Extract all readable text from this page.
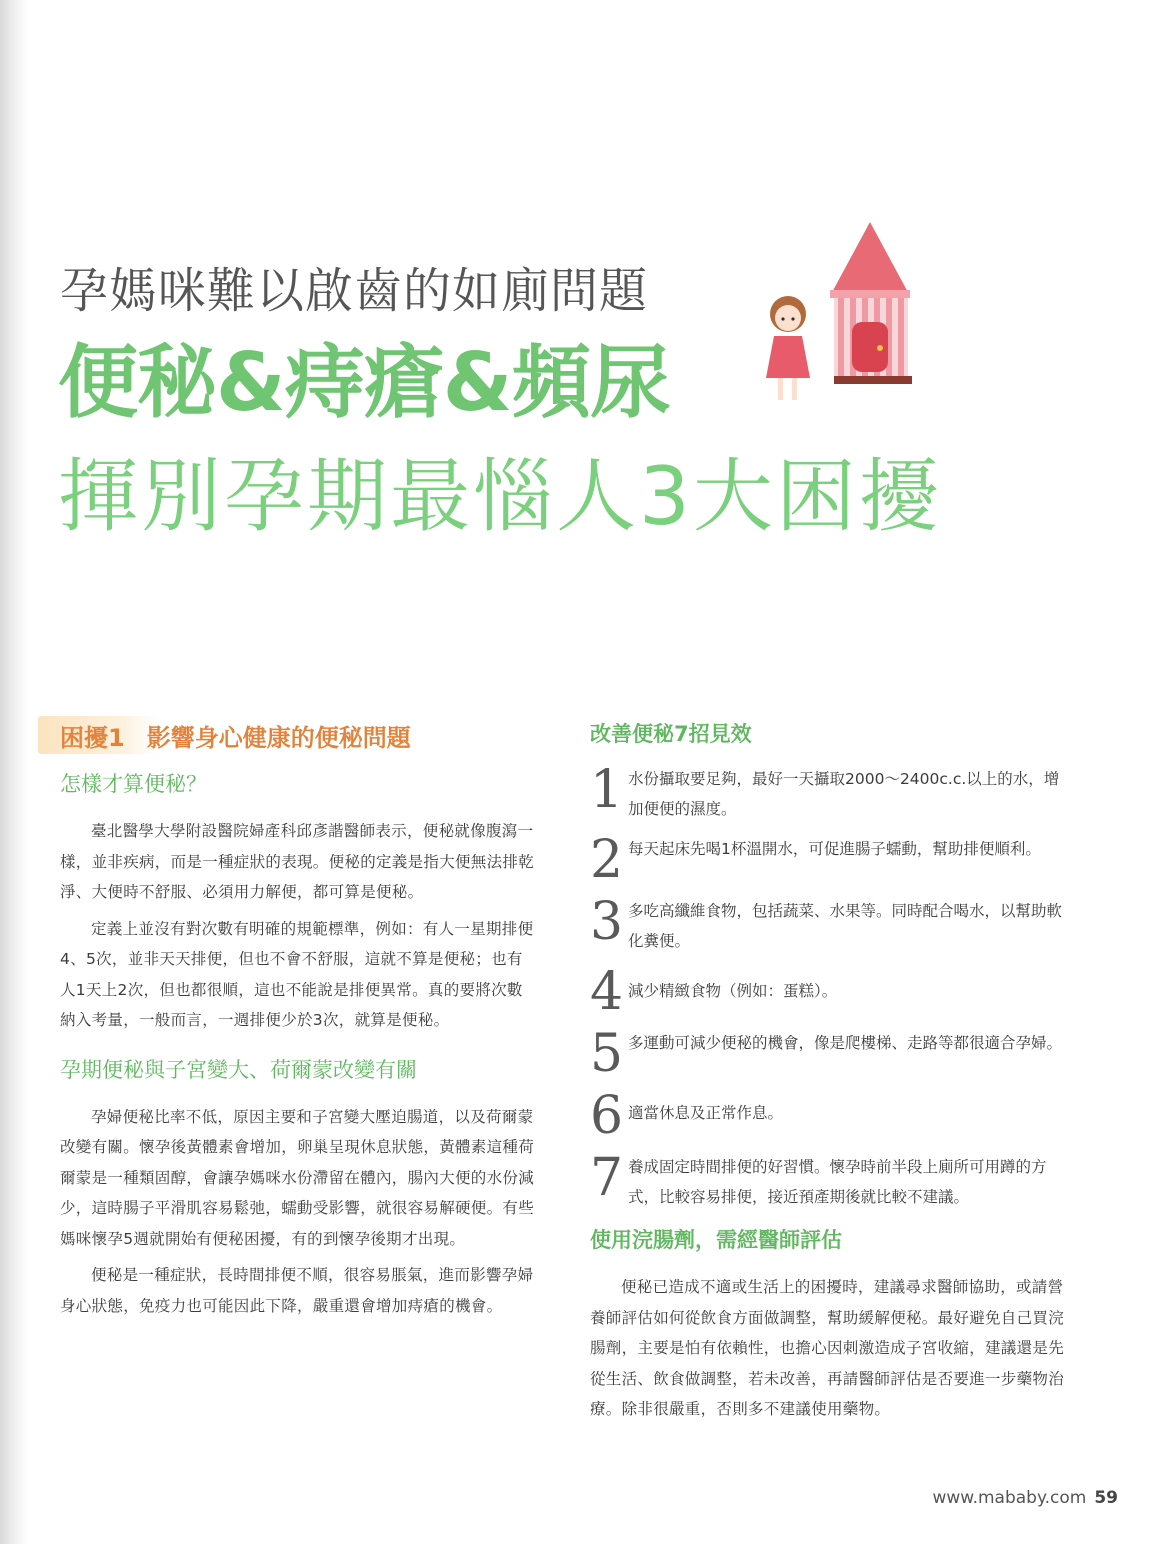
孕媽咪難以啟齒的如廁問題
便秘&痔瘡&頻尿
揮別孕期最惱人3大困擾
困擾1 影響身心健康的便秘問題
怎樣才算便秘？

臺北醫學大學附設醫院婦產科邱彥諧醫師表示，便秘就像腹瀉一樣，並非疾病，而是一種症狀的表現。便秘的定義是指大便無法排乾淨、大便時不舒服、必須用力解便，都可算是便秘。

定義上並沒有對次數有明確的規範標準，例如：有人一星期排便4、5次，並非天天排便，但也不會不舒服，這就不算是便秘；也有人1天上2次，但也都很順，這也不能說是排便異常。真的要將次數納入考量，一般而言，一週排便少於3次，就算是便秘。

孕期便秘與子宮變大、荷爾蒙改變有關

孕婦便秘比率不低，原因主要和子宮變大壓迫腸道，以及荷爾蒙改變有關。懷孕後黃體素會增加，卵巢呈現休息狀態，黃體素這種荷爾蒙是一種類固醇，會讓孕媽咪水份滯留在體內，腸內大便的水份減少，這時腸子平滑肌容易鬆弛，蠕動受影響，就很容易解硬便。有些媽咪懷孕5週就開始有便秘困擾，有的到懷孕後期才出現。

便秘是一種症狀，長時間排便不順，很容易脹氣，進而影響孕婦身心狀態，免疫力也可能因此下降，嚴重還會增加痔瘡的機會。

改善便秘7招見效
1 水份攝取要足夠，最好一天攝取2000～2400c.c.以上的水，增加便便的濕度。
2 每天起床先喝1杯溫開水，可促進腸子蠕動，幫助排便順利。
3 多吃高纖維食物，包括蔬菜、水果等。同時配合喝水，以幫助軟化糞便。
4 減少精緻食物（例如：蛋糕）。
5 多運動可減少便秘的機會，像是爬樓梯、走路等都很適合孕婦。
6 適當休息及正常作息。
7 養成固定時間排便的好習慣。懷孕時前半段上廁所可用蹲的方式，比較容易排便，接近預產期後就比較不建議。
使用浣腸劑，需經醫師評估

便秘已造成不適或生活上的困擾時，建議尋求醫師協助，或請營養師評估如何從飲食方面做調整，幫助緩解便秘。最好避免自己買浣腸劑，主要是怕有依賴性，也擔心因刺激造成子宮收縮，建議還是先從生活、飲食做調整，若未改善，再請醫師評估是否要進一步藥物治療。除非很嚴重，否則多不建議使用藥物。

www.mababy.com 59
